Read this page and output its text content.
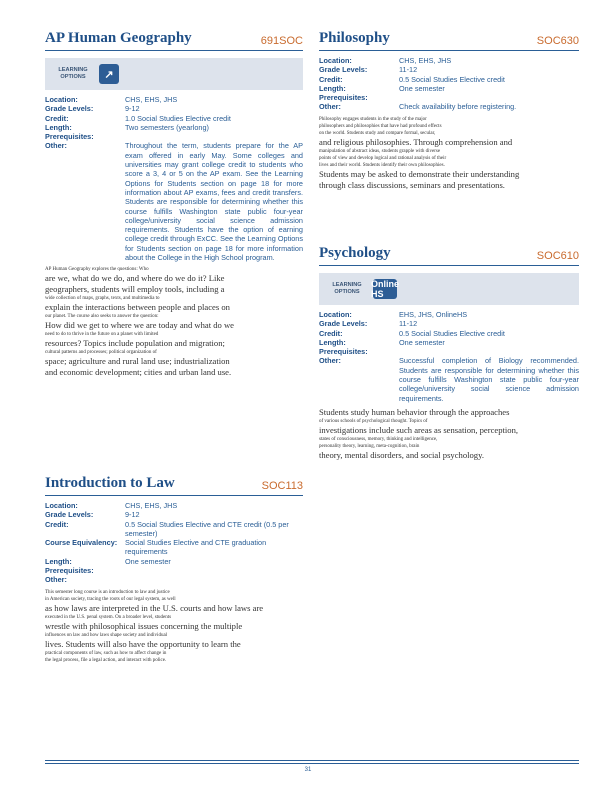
AP Human Geography	691SOC
LEARNING OPTIONS	↗
Location:	CHS, EHS, JHS
Grade Levels:	9-12
Credit:	1.0 Social Studies Elective credit
Length:	Two semesters (yearlong)
Prerequisites:	
Other:	Throughout the term, students prepare for the AP exam offered in early May. Some colleges and universities may grant college credit to students who score a 3, 4 or 5 on the AP exam. See the Learning Options for Students section on page 18 for more information about AP exams, fees and credit transfers. Students are responsible for determining whether this course fulfills Washington state public four-year college/university social science admission requirements. Students have the option of earning college credit through ExCC. See the Learning Options for Students section on page 18 for more information about the College in the High School program.

AP Human Geography explores the questions: Who

are we, what do we do, and where do we do it? Like

geographers, students will employ tools, including a

wide collection of maps, graphs, texts, and multimedia to

explain the interactions between people and places on

our planet. The course also seeks to answer the question:

How did we get to where we are today and what do we

need to do to thrive in the future on a planet with limited

resources? Topics include population and migration;

cultural patterns and processes; political organization of

space; agriculture and rural land use; industrialization

and economic development; cities and urban land use.

Introduction to Law	SOC113
Location:	CHS, EHS, JHS
Grade Levels:	9-12
Credit:	0.5 Social Studies Elective and CTE credit (0.5 per semester)
Course Equivalency:	Social Studies Elective and CTE graduation requirements
Length:	One semester
Prerequisites:	
Other:	

This semester long course is an introduction to law and justice

in American society, tracing the roots of our legal system, as well

as how laws are interpreted in the U.S. courts and how laws are

executed in the U.S. penal system. On a broader level, students

wrestle with philosophical issues concerning the multiple

influences on law and how laws shape society and individual

lives. Students will also have the opportunity to learn the

practical components of law, such as how to affect change in

the legal process, file a legal action, and interact with police.

Philosophy	SOC630
Location:	CHS, EHS, JHS
Grade Levels:	11-12
Credit:	0.5 Social Studies Elective credit
Length:	One semester
Prerequisites:	
Other:	Check availability before registering.

Philosophy engages students in the study of the major

philosophers and philosophies that have had profound effects

on the world. Students study and compare formal, secular,

and religious philosophies. Through comprehension and

manipulation of abstract ideas, students grapple with diverse

points of view and develop logical and rational analysis of their

lives and their world. Students identify their own philosophies.

Students may be asked to demonstrate their understanding

through class discussions, seminars and presentations.

Psychology	SOC610
LEARNING OPTIONS
Online HS
Location:	EHS, JHS, OnlineHS
Grade Levels:	11-12
Credit:	0.5 Social Studies Elective credit
Length:	One semester
Prerequisites:	
Other:	Successful completion of Biology recommended. Students are responsible for determining whether this course fulfills Washington state public four-year college/university social science admission requirements.

Students study human behavior through the approaches

of various schools of psychological thought. Topics of

investigations include such areas as sensation, perception,

states of consciousness, memory, thinking and intelligence,

personality theory, learning, meta-cognition, brain

theory, mental disorders, and social psychology.

31
